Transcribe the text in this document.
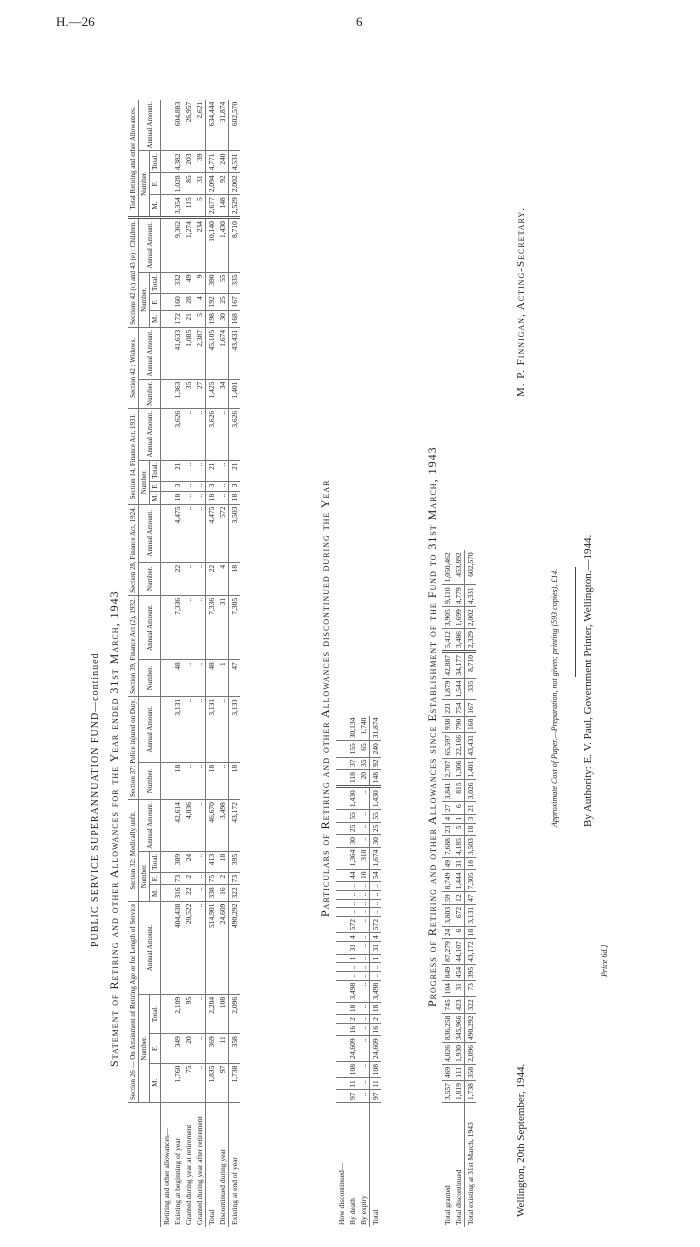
H.—26	6
PUBLIC SERVICE SUPERANNUATION FUND—continued Statement of Retiring and other Allowances for the Year ended 31st March, 1943
	Section 26 — On Attainment of Retiring Age or for Length of Service				Section 32: Medically unfit.				Section 37: Police injured on Duty.		Section 39, Finance Act (2), 1932.		Section 28, Finance Act, 1924.		Section 14, Finance Act, 1931.				Section 42 : Widows.		Sections 42 (c) and 43 (e) : Children.				Total Retiring and other Allowances.			
	Number.			Annual Amount.	Number.			Annual Amount.	Number.	Annual Amount.	Number.	Annual Amount.	Number.	Annual Amount.	Number.			Annual Amount.	Number.	Annual Amount.	Number.			Annual Amount.	Number.			Annual Amount.
	M.	F.	Total.		M.	F.	Total.								M.	F.	Total.				M.	F.	Total.		M.	F.	Total.	
Retiring and other allowances—																												
Existing at beginning of year	1,760	349	2,109	404,438	316	73	389	42,614	18	3,131	48	7,336	22	4,475	18	3	21	3,626	1,363	41,633	172	160	332	9,362	3,354	1,028	4,382	604,883
Granted during year at retirement	75	20	95	20,522	22	2	24	4,036	..	..	..	..	..	..	..	..	..	..	35	1,085	21	28	49	1,274	115	85	203	26,957
Granted during year after retirement	..	..	..	..	..	..	..	..	..	..	..	..	..	..	..	..	..	..	27	2,387	5	4	9	234	5	31	39	2,621
Total	1,835	369	2,204	514,901	338	75	413	46,670	18	3,131	48	7,336	22	4,475	18	3	21	3,626	1,425	45,105	198	192	390	10,140	2,677	2,094	4,771	634,444
Discontinued during year	97	11	108	24,609	16	2	18	3,498	..	..	1	31	4	572	..	..	..	..	34	1,674	30	25	55	1,430	148	92	240	31,874
Existing at end of year	1,738	358	2,096	490,292	322	73	395	43,172	18	3,131	47	7,305	18	3,503	18	3	21	3,626	1,401	43,431	168	167	335	8,710	2,529	2,002	4,531	602,570
Particulars of Retiring and other Allowances discontinued during the Year
How discontinued—																												
By death	97	11	108	24,609	16	2	18	3,498	..	..	1	31	4	572	..	..	..	..	44	1,364	30	25	55	1,430	118	37	155	30,134
By expiry	..	..	..	..	..	..	..	..	..	..	..	..	..	..	..	..	..	..	10	310	..	..	..	..	20	35	65	1,740
Total	97	11	108	24,609	16	2	18	3,498	..	..	1	31	4	572	..	..	..	..	54	1,674	30	25	55	1,430	148	92	240	31,874	Progress of Retiring and other Allowances since Establishment of the Fund to 31st March, 1943
Total granted	3,557	469	4,026	836,258	745	104	849	87,279	24	3,803	59	8,749	49	7,688	23	4	27	3,841	2,707	65,597	938	221	1,879	42,887	5,412	3,905	9,110	1,050,462
Total discontinued	1,819	111	1,930	345,966	423	31	454	44,107	6	672	12	1,444	31	4,185	5	1	6	815	1,306	22,166	790	754	1,544	34,177	3,486	1,699	4,779	453,892
Total existing at 31st March, 1943	1,738	358	2,096	490,292	322	73	395	43,172	18	3,131	47	7,305	18	3,503	18	3	21	3,026	1,401	43,431	168	167	335	8,710	2,329	2,002	4,331	602,570
Wellington, 20th September, 1944.
M. P. Finnigan, Acting-Secretary.
Approximate Cost of Paper.—Preparation, not given; printing (593 copies), £14. By Authority: E. V. Paul, Government Printer, Wellington.—1944.
Price 6d.]
